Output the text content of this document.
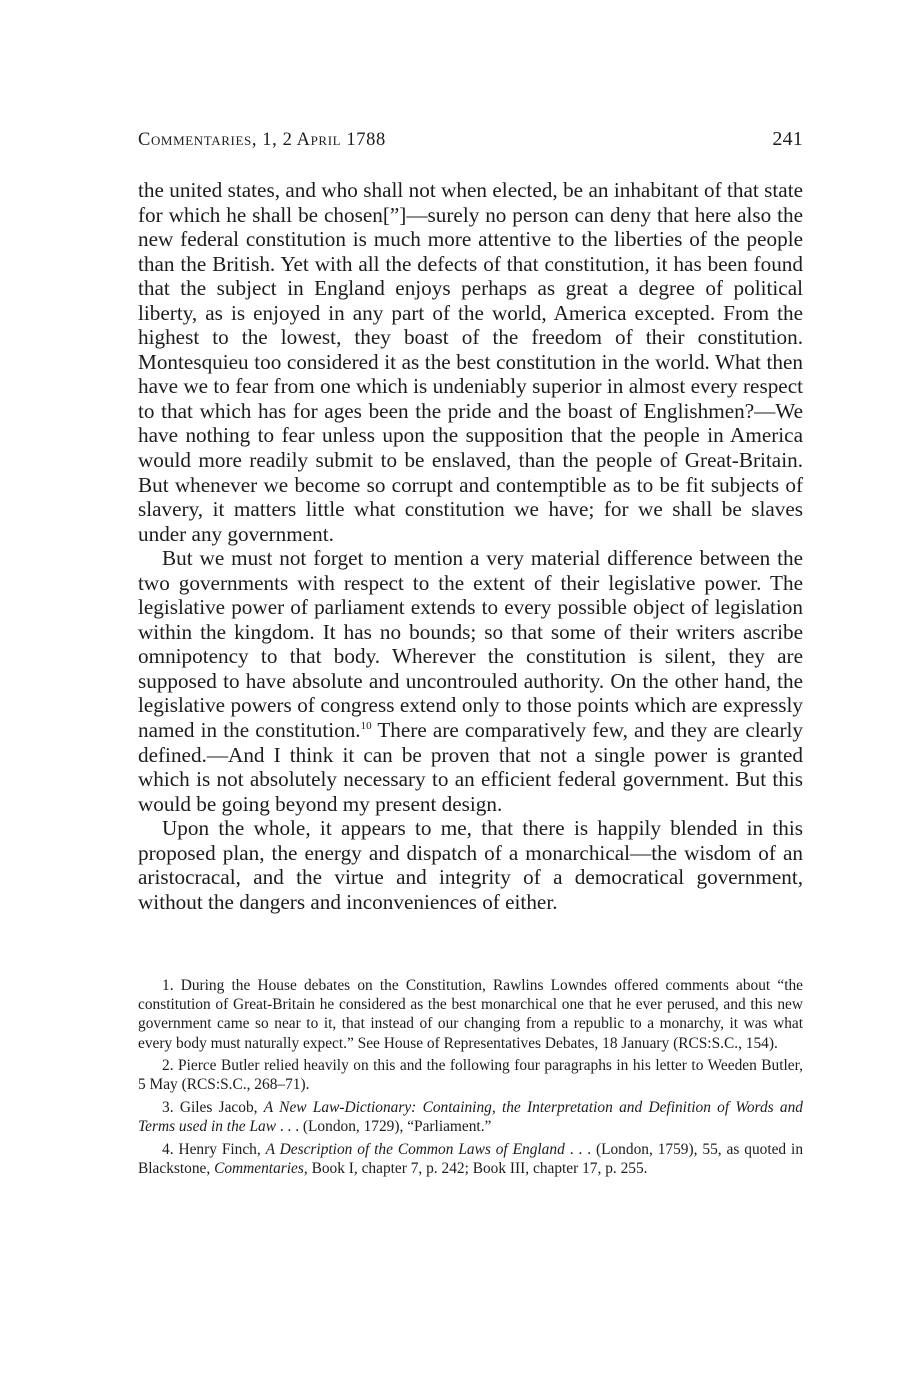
Commentaries, 1, 2 April 1788	241

the united states, and who shall not when elected, be an inhabitant of that state for which he shall be chosen[”]—surely no person can deny that here also the new federal constitution is much more attentive to the liberties of the people than the British. Yet with all the defects of that constitution, it has been found that the subject in England enjoys perhaps as great a degree of political liberty, as is enjoyed in any part of the world, America excepted. From the highest to the lowest, they boast of the freedom of their constitution. Montesquieu too considered it as the best constitution in the world. What then have we to fear from one which is undeniably superior in almost every respect to that which has for ages been the pride and the boast of Englishmen?—We have nothing to fear unless upon the supposition that the people in America would more readily submit to be enslaved, than the people of Great-Britain. But whenever we become so corrupt and contemptible as to be fit subjects of slavery, it matters little what constitution we have; for we shall be slaves under any government.

But we must not forget to mention a very material difference between the two governments with respect to the extent of their legislative power. The legislative power of parliament extends to every possible object of legislation within the kingdom. It has no bounds; so that some of their writers ascribe omnipotency to that body. Wherever the constitution is silent, they are supposed to have absolute and uncontrouled authority. On the other hand, the legislative powers of congress extend only to those points which are expressly named in the constitution.$^{10}$ There are comparatively few, and they are clearly defined.—And I think it can be proven that not a single power is granted which is not absolutely necessary to an efficient federal government. But this would be going beyond my present design.

Upon the whole, it appears to me, that there is happily blended in this proposed plan, the energy and dispatch of a monarchical—the wisdom of an aristocracal, and the virtue and integrity of a democratical government, without the dangers and inconveniences of either.

1. During the House debates on the Constitution, Rawlins Lowndes offered comments about “the constitution of Great-Britain he considered as the best monarchical one that he ever perused, and this new government came so near to it, that instead of our changing from a republic to a monarchy, it was what every body must naturally expect.” See House of Representatives Debates, 18 January (RCS:S.C., 154).

2. Pierce Butler relied heavily on this and the following four paragraphs in his letter to Weeden Butler, 5 May (RCS:S.C., 268–71).

3. Giles Jacob, A New Law-Dictionary: Containing, the Interpretation and Definition of Words and Terms used in the Law . . . (London, 1729), “Parliament.”

4. Henry Finch, A Description of the Common Laws of England . . . (London, 1759), 55, as quoted in Blackstone, Commentaries, Book I, chapter 7, p. 242; Book III, chapter 17, p. 255.
